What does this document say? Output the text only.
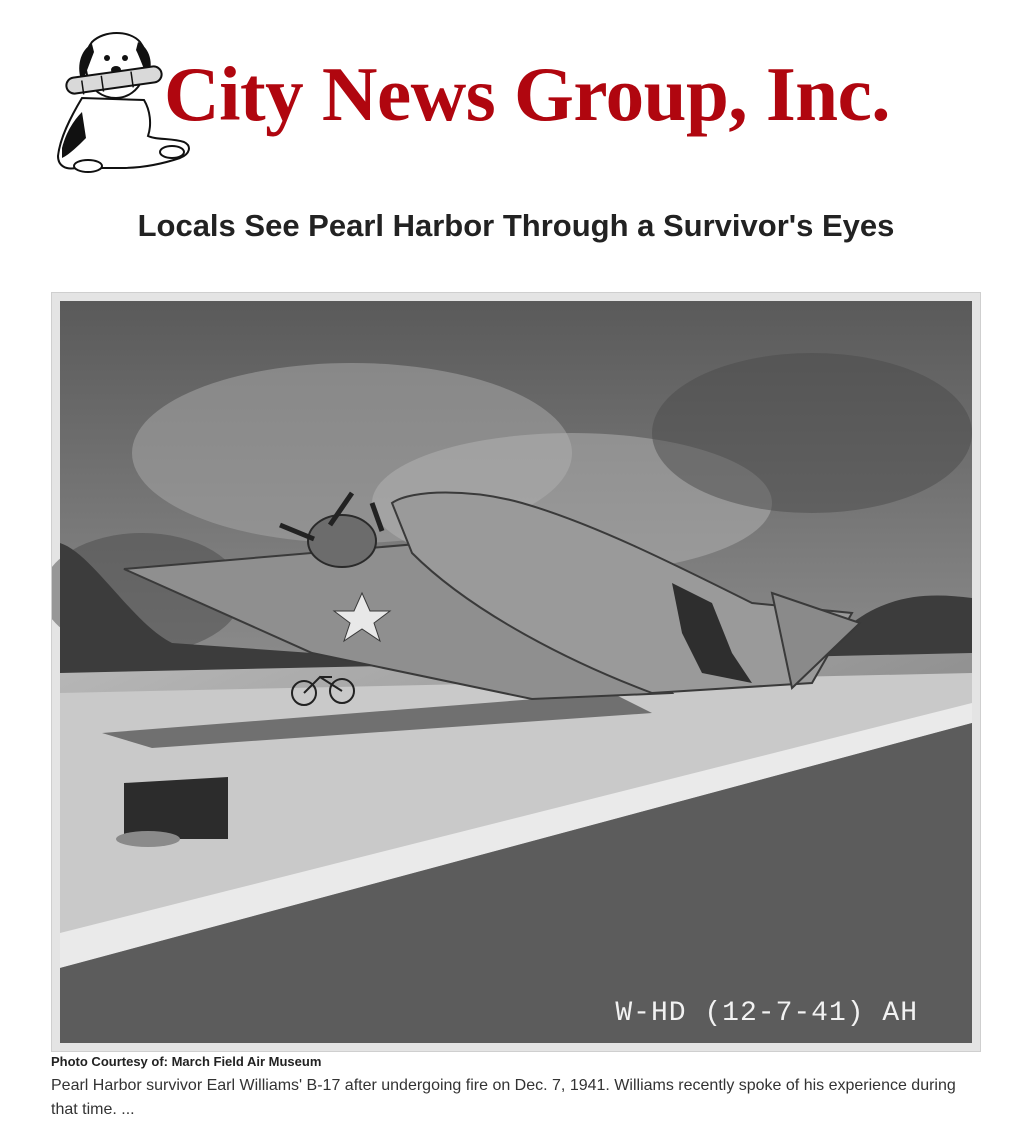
City News Group, Inc.
Locals See Pearl Harbor Through a Survivor's Eyes
W-HD (12-7-41) AH
Photo Courtesy of: March Field Air Museum

Pearl Harbor survivor Earl Williams' B-17 after undergoing fire on Dec. 7, 1941. Williams recently spoke of his experience during that time. ...
